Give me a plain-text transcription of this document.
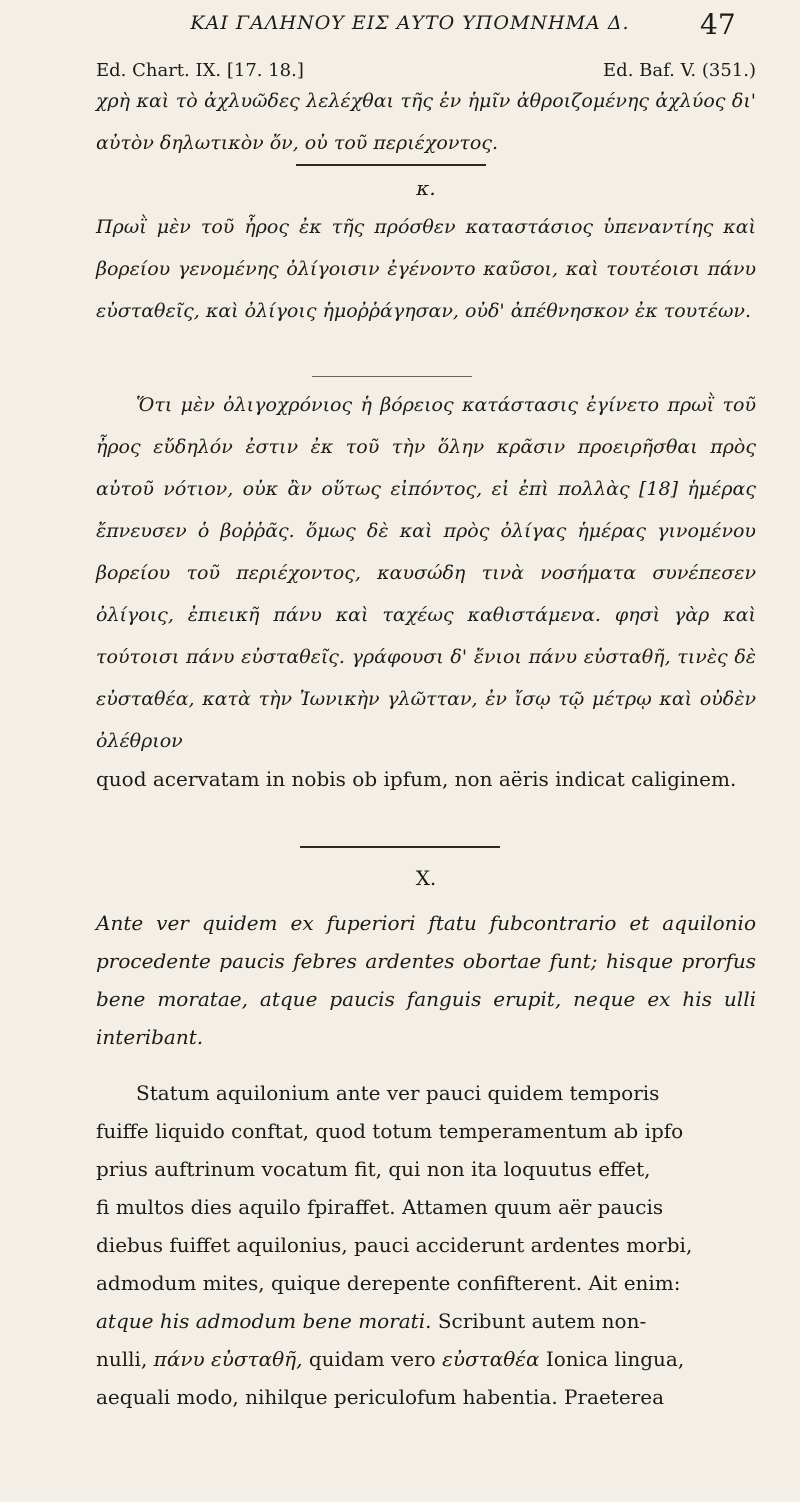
ΚΑΙ ΓΑΛΗΝΟΥ ΕΙΣ ΑΥΤΟ ΥΠΟΜΝΗΜΑ Δ.	47
Ed. Chart. IX. [17. 18.]	Ed. Baf. V. (351.)
χρὴ καὶ τὸ ἀχλυῶδες λελέχθαι τῆς ἐν ἡμῖν ἀθροιζομένης ἀχλύος δι' αὐτὸν δηλωτικὸν ὄν, οὐ τοῦ περιέχοντος.
κ.
Πρωῒ μὲν τοῦ ἦρος ἐκ τῆς πρόσθεν καταστάσιος ὑπεναντίης καὶ βορείου γενομένης ὀλίγοισιν ἐγένοντο καῦσοι, καὶ τουτέοισι πάνυ εὐσταθεῖς, καὶ ὀλίγοις ἡμοῤῥάγησαν, οὐδ' ἀπέθνησκον ἐκ τουτέων.
Ὅτι μὲν ὀλιγοχρόνιος ἡ βόρειος κατάστασις ἐγίνετο πρωῒ τοῦ ἦρος εὔδηλόν ἐστιν ἐκ τοῦ τὴν ὅλην κρᾶσιν προειρῆσθαι πρὸς αὐτοῦ νότιον, οὐκ ἂν οὕτως εἰπόντος, εἰ ἐπὶ πολλὰς [18] ἡμέρας ἔπνευσεν ὁ βοῤῥᾶς. ὅμως δὲ καὶ πρὸς ὀλίγας ἡμέρας γινομένου βορείου τοῦ περιέχοντος, καυσώδη τινὰ νοσήματα συνέπεσεν ὀλίγοις, ἐπιεικῆ πάνυ καὶ ταχέως καθιστάμενα. φησὶ γὰρ καὶ τούτοισι πάνυ εὐσταθεῖς. γράφουσι δ' ἔνιοι πάνυ εὐσταθῆ, τινὲς δὲ εὐσταθέα, κατὰ τὴν Ἰωνικὴν γλῶτταν, ἐν ἴσῳ τῷ μέτρῳ καὶ οὐδὲν ὀλέθριον
quod acervatam in nobis ob ipfum, non aëris indicat caliginem.
X.
Ante ver quidem ex fuperiori ftatu fubcontrario et aquilonio procedente paucis febres ardentes obortae funt; hisque prorfus bene moratae, atque paucis fanguis erupit, neque ex his ulli interibant.
Statum aquilonium ante ver pauci quidem temporis
fuiffe liquido conftat, quod totum temperamentum ab ipfo
prius auftrinum vocatum fit, qui non ita loquutus effet,
fi multos dies aquilo fpiraffet. Attamen quum aër paucis
diebus fuiffet aquilonius, pauci acciderunt ardentes morbi,
admodum mites, quique derepente confifterent. Ait enim:
atque his admodum bene morati. Scribunt autem non-
nulli, πάνυ εὐσταθῆ, quidam vero εὐσταθέα Ionica lingua,
aequali modo, nihilque periculofum habentia. Praeterea
